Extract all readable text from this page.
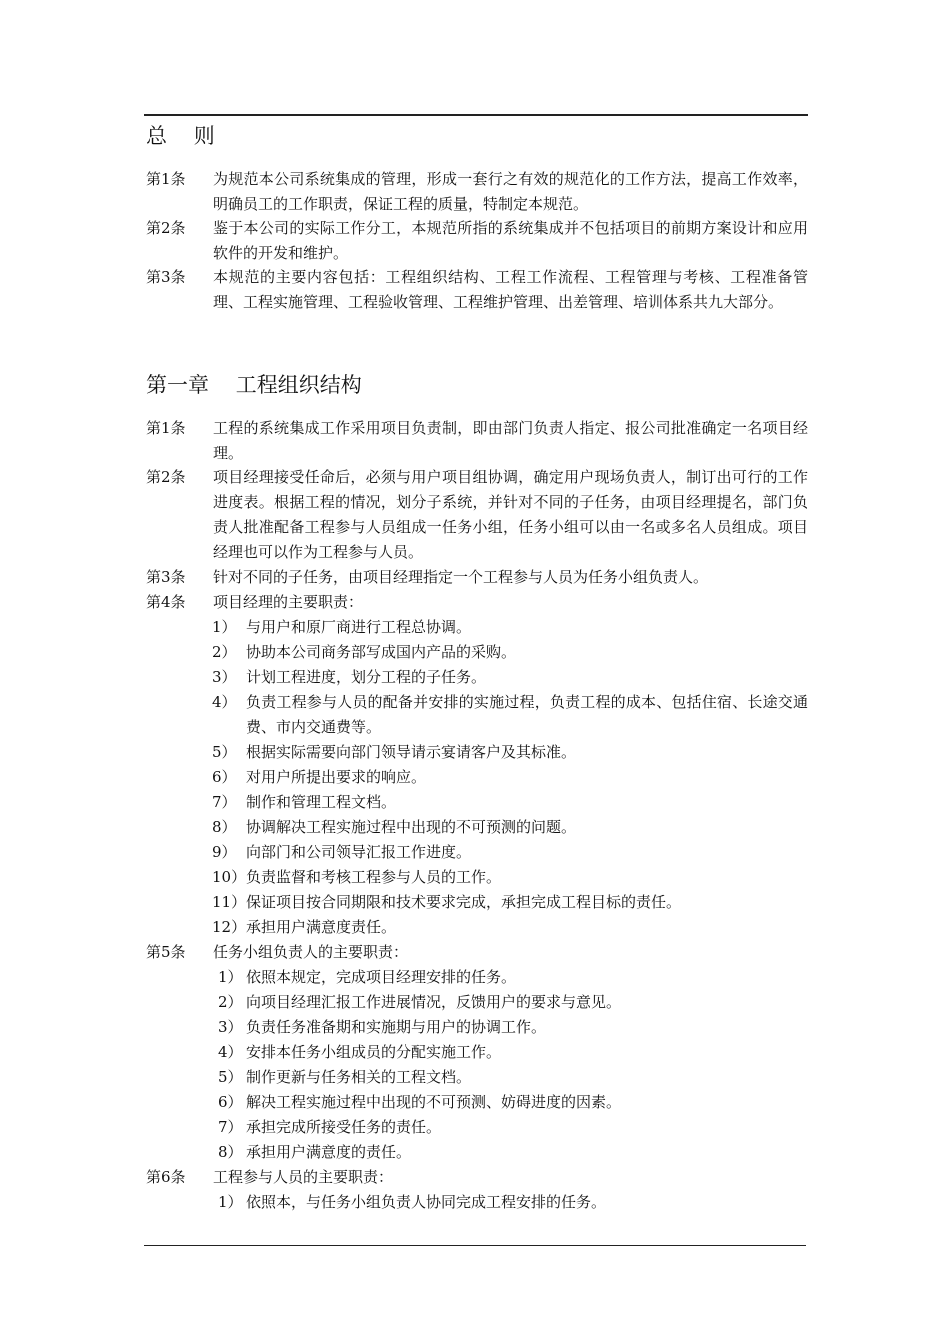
总    则
第1条	为规范本公司系统集成的管理，形成一套行之有效的规范化的工作方法，提高工作效率，明确员工的工作职责，保证工程的质量，特制定本规范。
第2条	鉴于本公司的实际工作分工，本规范所指的系统集成并不包括项目的前期方案设计和应用软件的开发和维护。
第3条	本规范的主要内容包括：工程组织结构、工程工作流程、工程管理与考核、工程准备管理、工程实施管理、工程验收管理、工程维护管理、出差管理、培训体系共九大部分。
第一章    工程组织结构
第1条	工程的系统集成工作采用项目负责制，即由部门负责人指定、报公司批准确定一名项目经理。
第2条	项目经理接受任命后，必须与用户项目组协调，确定用户现场负责人，制订出可行的工作进度表。根据工程的情况，划分子系统，并针对不同的子任务，由项目经理提名，部门负责人批准配备工程参与人员组成一任务小组，任务小组可以由一名或多名人员组成。项目经理也可以作为工程参与人员。
第3条	针对不同的子任务，由项目经理指定一个工程参与人员为任务小组负责人。
第4条	项目经理的主要职责：
1） 与用户和原厂商进行工程总协调。
2） 协助本公司商务部写成国内产品的采购。
3） 计划工程进度，划分工程的子任务。
4） 负责工程参与人员的配备并安排的实施过程，负责工程的成本、包括住宿、长途交通费、市内交通费等。
5） 根据实际需要向部门领导请示宴请客户及其标准。
6） 对用户所提出要求的响应。
7） 制作和管理工程文档。
8） 协调解决工程实施过程中出现的不可预测的问题。
9） 向部门和公司领导汇报工作进度。
10） 负责监督和考核工程参与人员的工作。
11） 保证项目按合同期限和技术要求完成，承担完成工程目标的责任。
12） 承担用户满意度责任。
第5条	任务小组负责人的主要职责：
1） 依照本规定，完成项目经理安排的任务。
2） 向项目经理汇报工作进展情况，反馈用户的要求与意见。
3） 负责任务准备期和实施期与用户的协调工作。
4） 安排本任务小组成员的分配实施工作。
5） 制作更新与任务相关的工程文档。
6） 解决工程实施过程中出现的不可预测、妨碍进度的因素。
7） 承担完成所接受任务的责任。
8） 承担用户满意度的责任。
第6条	工程参与人员的主要职责：
1） 依照本，与任务小组负责人协同完成工程安排的任务。
